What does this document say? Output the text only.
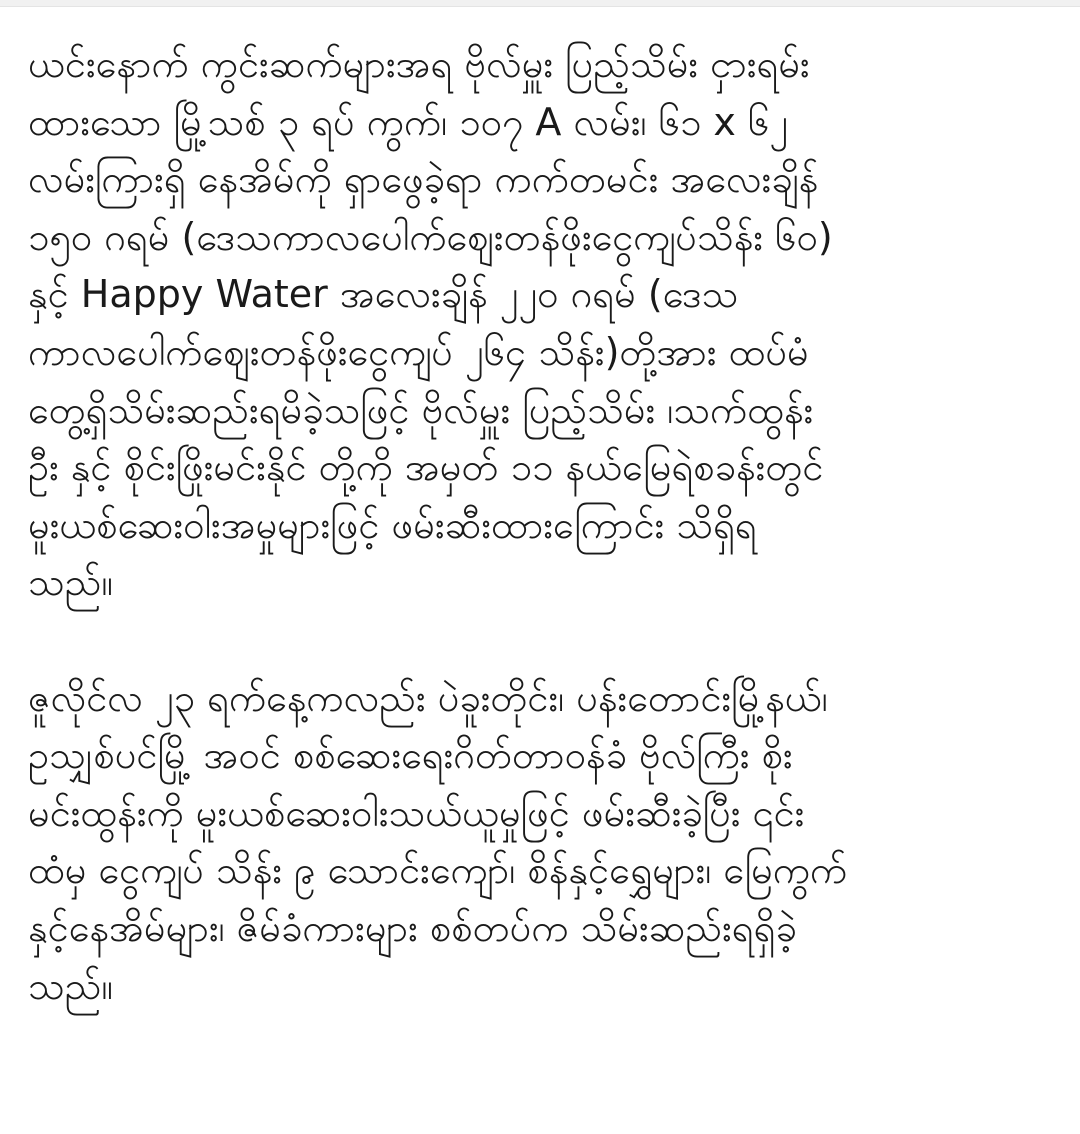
ယင်းနောက် ကွင်းဆက်များအရ ဗိုလ်မှူး ပြည့်သိမ်း ငှားရမ်း
ထားသော မြို့သစ် ၃ ရပ် ကွက်၊ ၁၀၇ A လမ်း၊ ၆၁ x ၆၂
လမ်းကြားရှိ နေအိမ်ကို ရှာဖွေခဲ့ရာ ကက်တမင်း အလေးချိန်
၁၅၀ ဂရမ် (ဒေသကာလပေါက်ဈေးတန်ဖိုးငွေကျပ်သိန်း ၆၀)
နှင့် Happy Water အလေးချိန် ၂၂၀ ဂရမ် (ဒေသ
ကာလပေါက်ဈေးတန်ဖိုးငွေကျပ် ၂၆၄ သိန်း)တို့အား ထပ်မံ
တွေ့ရှိသိမ်းဆည်းရမိခဲ့သဖြင့် ဗိုလ်မှူး ပြည့်သိမ်း ၊သက်ထွန်း
ဦး နှင့် စိုင်းဖြိုးမင်းနိုင် တို့ကို အမှတ် ၁၁ နယ်မြေရဲစခန်းတွင်
မူးယစ်ဆေးဝါးအမှုများဖြင့် ဖမ်းဆီးထားကြောင်း သိရှိရ
သည်။

ဇူလိုင်လ ၂၃ ရက်နေ့ကလည်း ပဲခူးတိုင်း၊ ပန်းတောင်းမြို့နယ်၊
ဥသျှစ်ပင်မြို့ အဝင် စစ်ဆေးရေးဂိတ်တာဝန်ခံ ဗိုလ်ကြီး စိုး
မင်းထွန်းကို မူးယစ်ဆေးဝါးသယ်ယူမှုဖြင့် ဖမ်းဆီးခဲ့ပြီး ၎င်း
ထံမှ ငွေကျပ် သိန်း ၉ သောင်းကျော်၊ စိန်နှင့်ရွှေများ၊ မြေကွက်
နှင့်နေအိမ်များ၊ ဇိမ်ခံကားများ စစ်တပ်က သိမ်းဆည်းရရှိခဲ့
သည်။
